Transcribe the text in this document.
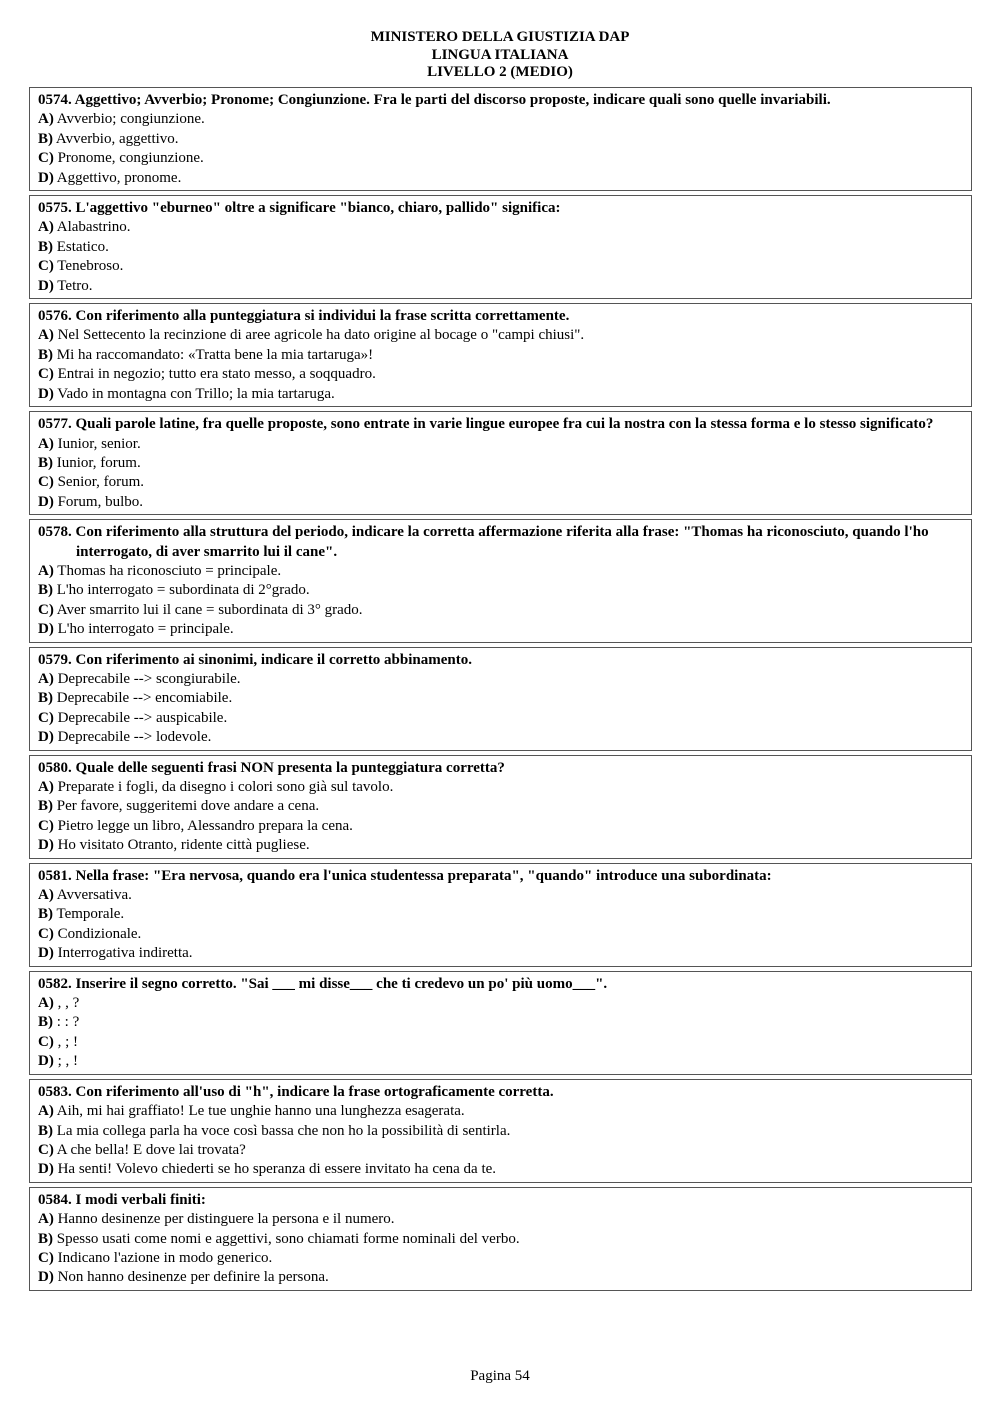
MINISTERO DELLA GIUSTIZIA DAP
LINGUA ITALIANA
LIVELLO 2 (MEDIO)
0574. Aggettivo; Avverbio; Pronome; Congiunzione. Fra le parti del discorso proposte, indicare quali sono quelle invariabili.
A) Avverbio; congiunzione.
B) Avverbio, aggettivo.
C) Pronome, congiunzione.
D) Aggettivo, pronome.
0575. L'aggettivo "eburneo" oltre a significare "bianco, chiaro, pallido" significa:
A) Alabastrino.
B) Estatico.
C) Tenebroso.
D) Tetro.
0576. Con riferimento alla punteggiatura si individui la frase scritta correttamente.
A) Nel Settecento la recinzione di aree agricole ha dato origine al bocage o "campi chiusi".
B) Mi ha raccomandato: «Tratta bene la mia tartaruga»!
C) Entrai in negozio; tutto era stato messo, a soqquadro.
D) Vado in montagna con Trillo; la mia tartaruga.
0577. Quali parole latine, fra quelle proposte, sono entrate in varie lingue europee fra cui la nostra con la stessa forma e lo stesso significato?
A) Iunior, senior.
B) Iunior, forum.
C) Senior, forum.
D) Forum, bulbo.
0578. Con riferimento alla struttura del periodo, indicare la corretta affermazione riferita alla frase: "Thomas ha riconosciuto, quando l'ho interrogato, di aver smarrito lui il cane".
A) Thomas ha riconosciuto = principale.
B) L'ho interrogato = subordinata di 2°grado.
C) Aver smarrito lui il cane = subordinata di 3° grado.
D) L'ho interrogato = principale.
0579. Con riferimento ai sinonimi, indicare il corretto abbinamento.
A) Deprecabile --> scongiurabile.
B) Deprecabile --> encomiabile.
C) Deprecabile --> auspicabile.
D) Deprecabile --> lodevole.
0580. Quale delle seguenti frasi NON presenta la punteggiatura corretta?
A) Preparate i fogli, da disegno i colori sono già sul tavolo.
B) Per favore, suggeritemi dove andare a cena.
C) Pietro legge un libro, Alessandro prepara la cena.
D) Ho visitato Otranto, ridente città pugliese.
0581. Nella frase: "Era nervosa, quando era l'unica studentessa preparata", "quando" introduce una subordinata:
A) Avversativa.
B) Temporale.
C) Condizionale.
D) Interrogativa indiretta.
0582. Inserire il segno corretto. "Sai ___ mi disse___ che ti credevo un po' più uomo___".
A) , , ?
B) : : ?
C) , ; !
D) ; , !
0583. Con riferimento all'uso di "h", indicare la frase ortograficamente corretta.
A) Aih, mi hai graffiato! Le tue unghie hanno una lunghezza esagerata.
B) La mia collega parla ha voce così bassa che non ho la possibilità di sentirla.
C) A che bella! E dove lai trovata?
D) Ha senti! Volevo chiederti se ho speranza di essere invitato ha cena da te.
0584. I modi verbali finiti:
A) Hanno desinenze per distinguere la persona e il numero.
B) Spesso usati come nomi e aggettivi, sono chiamati forme nominali del verbo.
C) Indicano l'azione in modo generico.
D) Non hanno desinenze per definire la persona.
Pagina 54
